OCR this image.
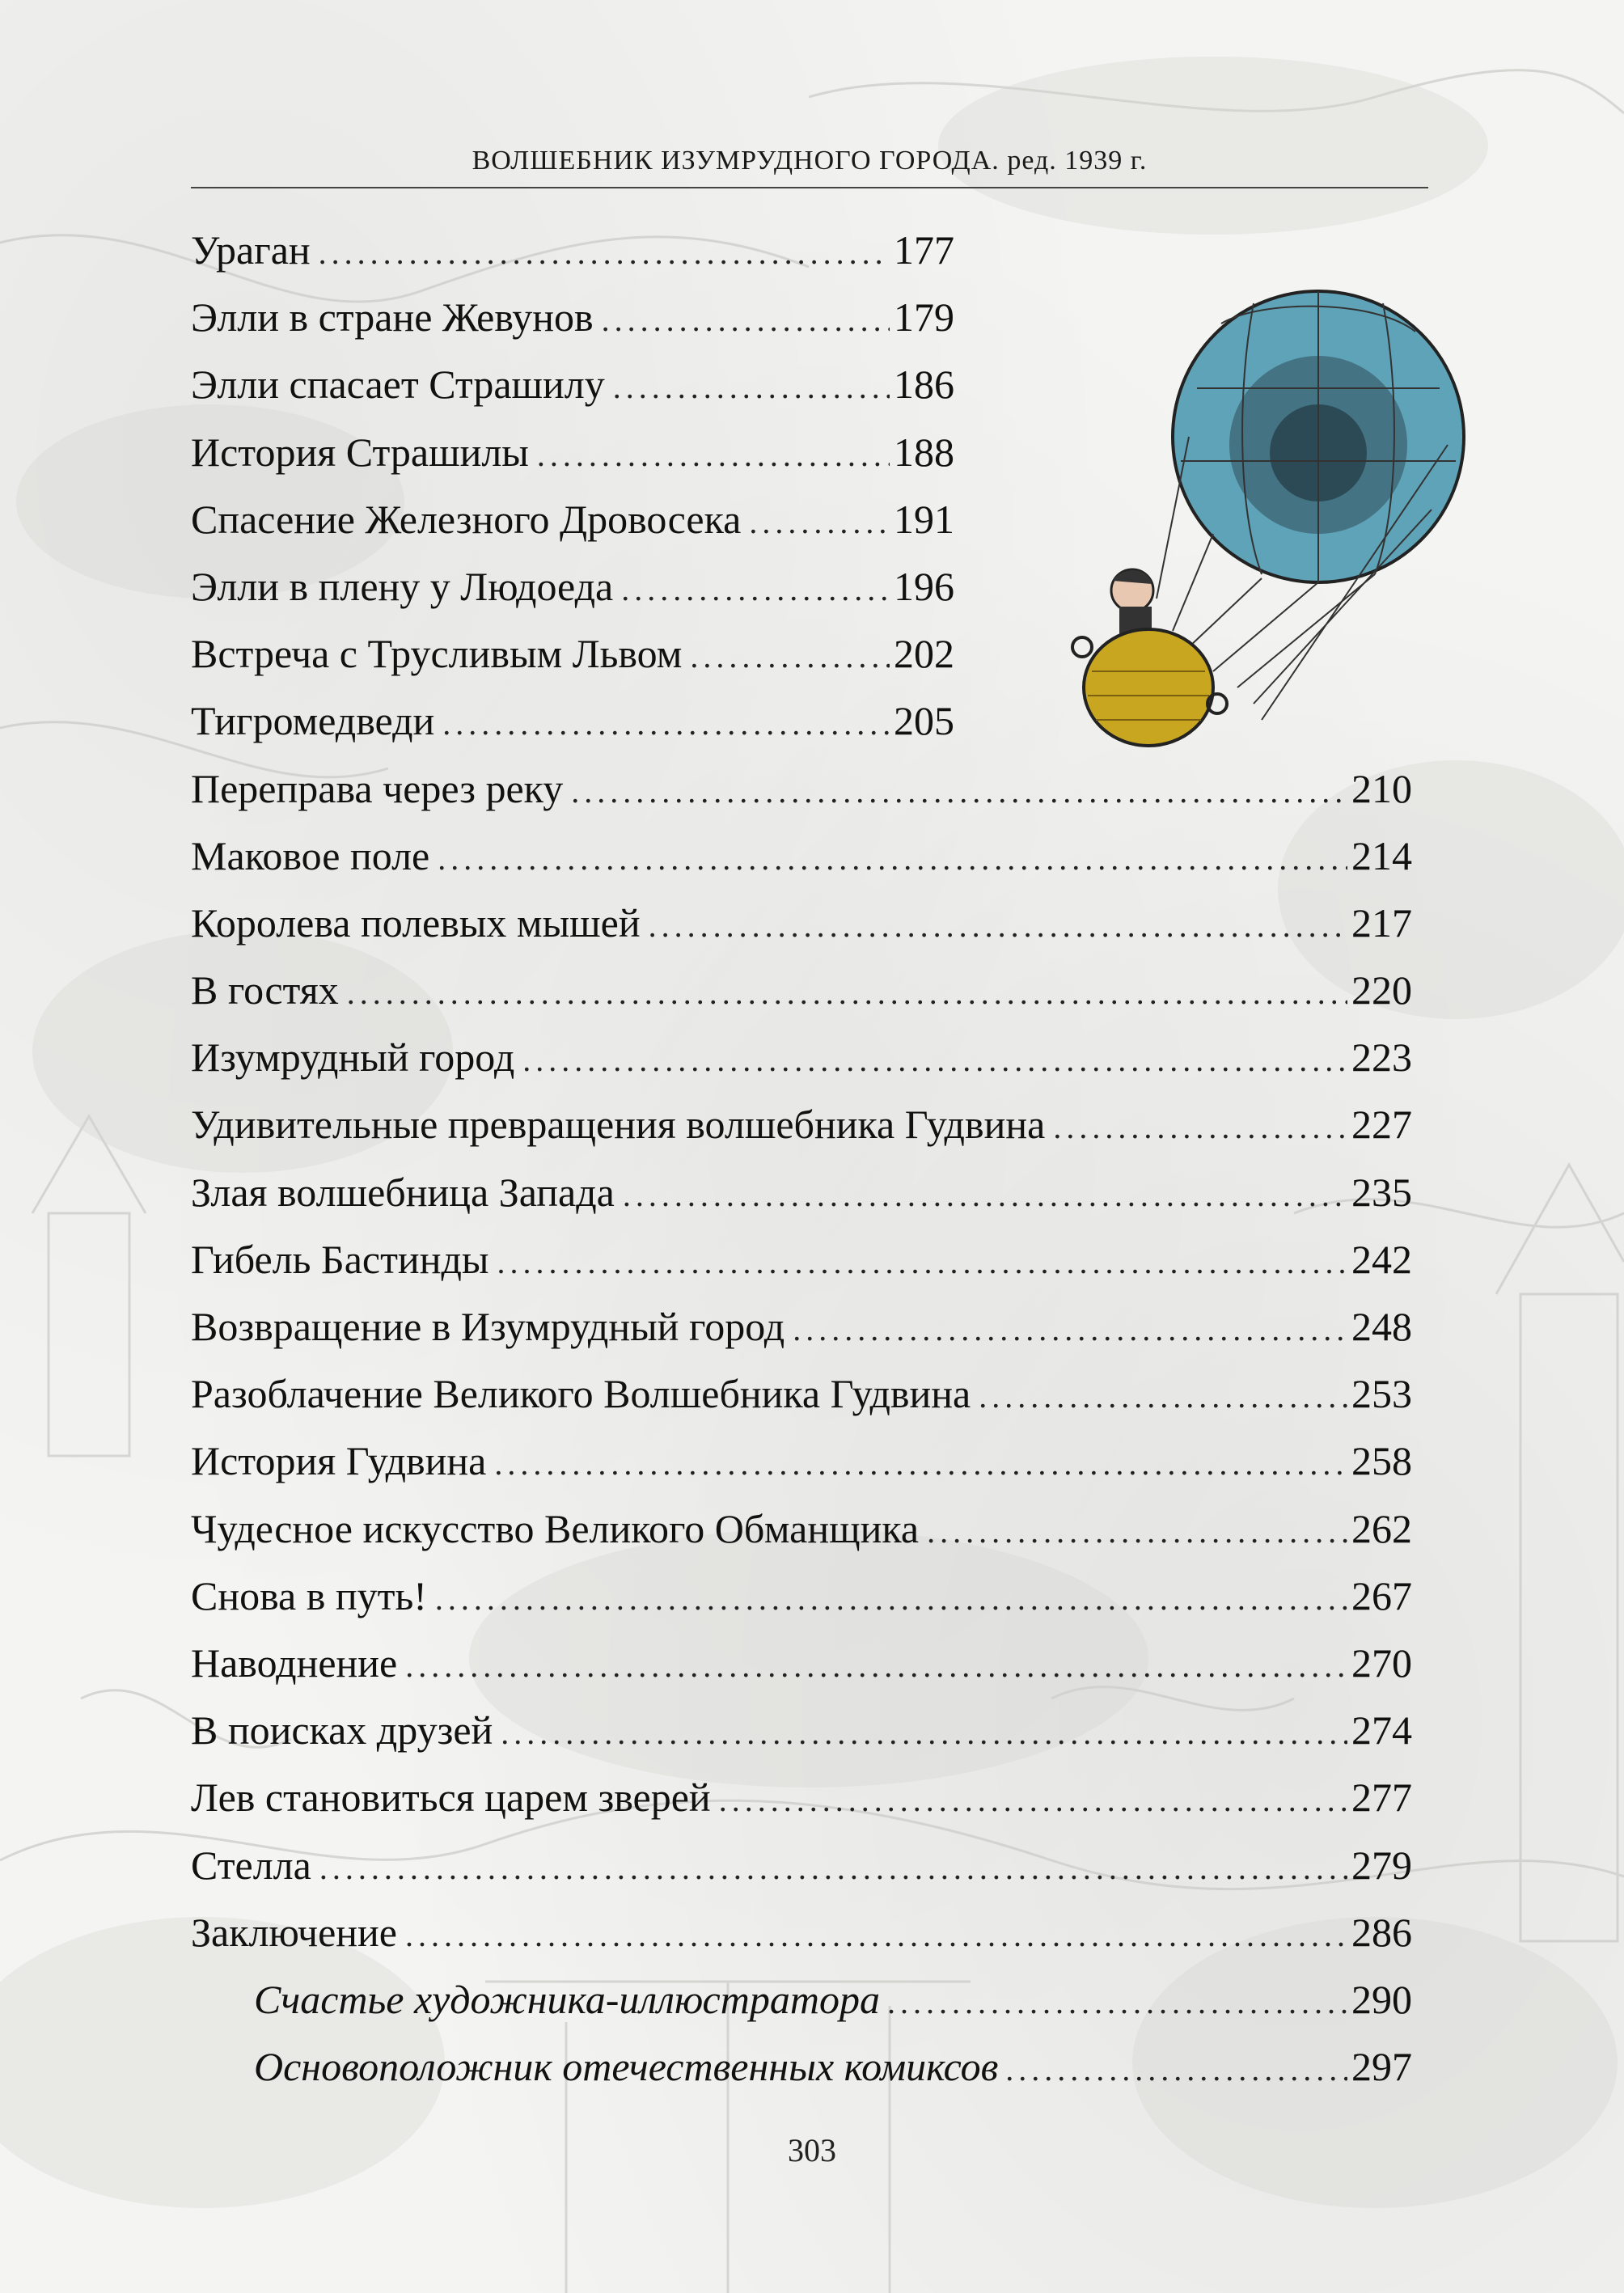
ВОЛШЕБНИК ИЗУМРУДНОГО ГОРОДА. ред. 1939 г.
Ураган . . .	177
Элли в стране Жевунов . . .	179
Элли спасает Страшилу . . .	186
История Страшилы . . .	188
Спасение Железного Дровосека . . .	191
Элли в плену у Людоеда . . .	196
Встреча с Трусливым Львом . . .	202
Тигромедведи . . .	205
Переправа через реку . . .	210
Маковое поле . . .	214
Королева полевых мышей . . .	217
В гостях . . .	220
Изумрудный город . . .	223
Удивительные превращения волшебника Гудвина . . .	227
Злая волшебница Запада . . .	235
Гибель Бастинды . . .	242
Возвращение в Изумрудный город . . .	248
Разоблачение Великого Волшебника Гудвина . . .	253
История Гудвина . . .	258
Чудесное искусство Великого Обманщика . . .	262
Снова в путь! . . .	267
Наводнение . . .	270
В поисках друзей . . .	274
Лев становиться царем зверей . . .	277
Стелла . . .	279
Заключение . . .	286
Счастье художника-иллюстратора . . .	290
Основоположник отечественных комиксов . . .	297
303
